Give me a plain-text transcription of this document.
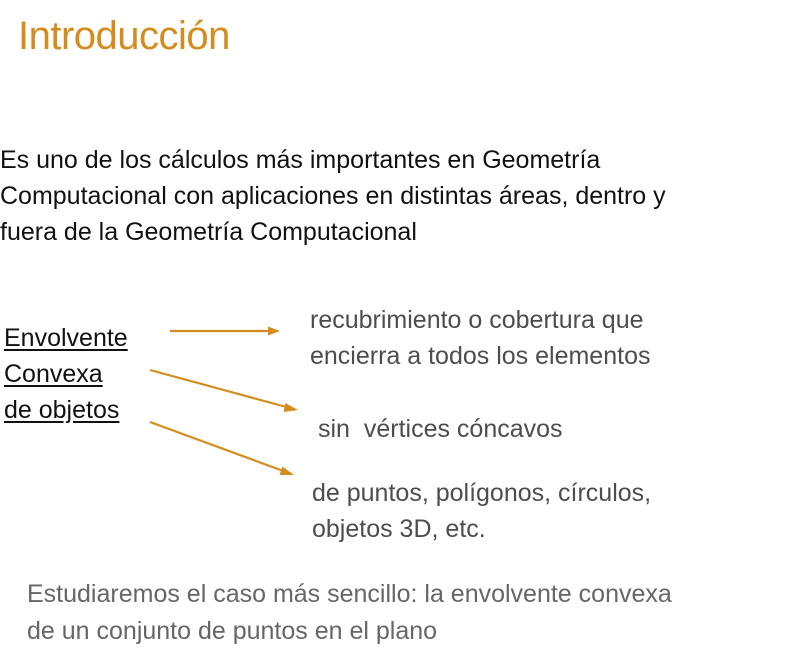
Introducción
Es uno de los cálculos más importantes en Geometría
Computacional con aplicaciones en distintas áreas, dentro y
fuera de la Geometría Computacional
Envolvente
Convexa
de objetos
recubrimiento o cobertura que
encierra a todos los elementos
sin  vértices cóncavos
de puntos, polígonos, círculos,
objetos 3D, etc.
Estudiaremos el caso más sencillo: la envolvente convexa
de un conjunto de puntos en el plano
